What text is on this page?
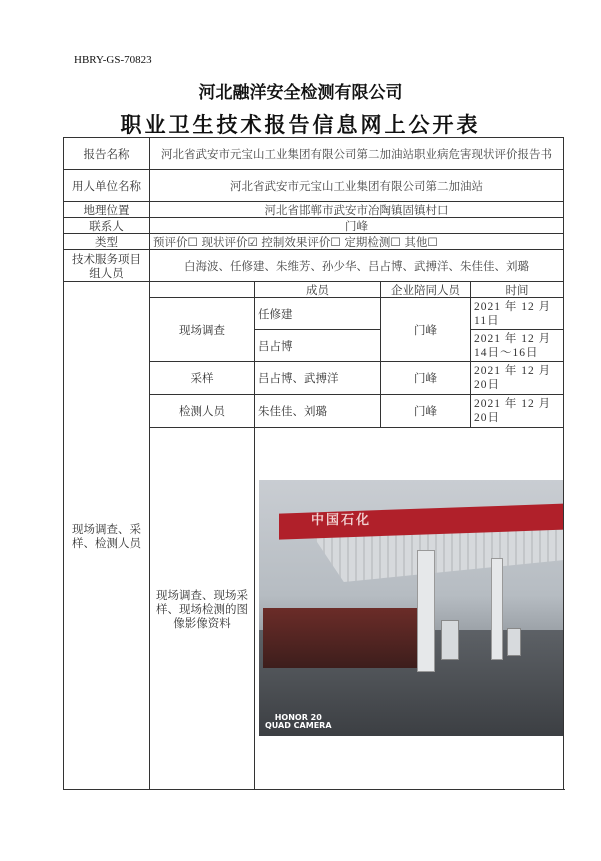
HBRY-GS-70823
河北融洋安全检测有限公司
职业卫生技术报告信息网上公开表
报告名称	河北省武安市元宝山工业集团有限公司第二加油站职业病危害现状评价报告书			
用人单位名称	河北省武安市元宝山工业集团有限公司第二加油站			
地理位置	河北省邯郸市武安市冶陶镇固镇村口			
联系人	门峰			
类型	预评价☐ 现状评价☑ 控制效果评价☐ 定期检测☐ 其他☐			
技术服务项目组人员	白海波、任修建、朱维芳、孙少华、吕占博、武搏洋、朱佳佳、刘璐			
现场调查、采样、检测人员		成员	企业陪同人员	时间
	现场调查	任修建	门峰	2021 年 12 月 11日
		吕占博		2021 年 12 月 14日～16日
	采样	吕占博、武搏洋	门峰	2021 年 12 月 20日
	检测人员	朱佳佳、刘璐	门峰	2021 年 12 月 20日
	现场调查、现场采样、现场检测的图像影像资料	中国石化
HONOR 20
QUAD CAMERA		
